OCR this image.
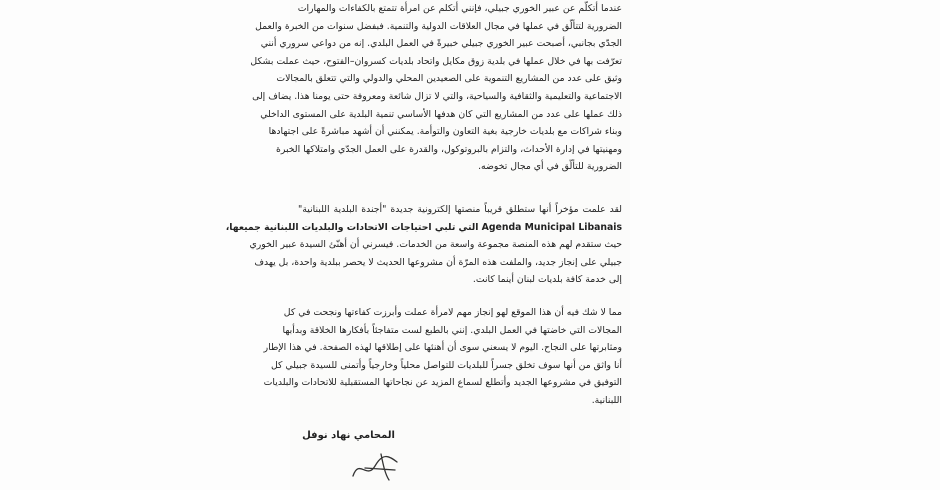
عندما أتكلّم عن عبير الخوري جبيلي، فإنني أتكلم عن امرأة تتمتع بالكفاءات والمهارات
الضرورية لتتألّق في عملها في مجال العلاقات الدولية والتنمية. فبفضل سنوات من الخبرة والعمل
الجدّي بجانبي، أصبحت عبير الخوري جبيلي خبيرةً في العمل البلدي. إنه من دواعي سروري أنني
تعرّفت بها في خلال عملها في بلدية زوق مكايل واتحاد بلديات كسروان–الفتوح، حيث عملت بشكل
وثيق على عدد من المشاريع التنموية على الصعيدين المحلي والدولي والتي تتعلق بالمجالات
الاجتماعية والتعليمية والثقافية والسياحية، والتي لا تزال شائعة ومعروفة حتى يومنا هذا. يضاف إلى
ذلك عملها على عدد من المشاريع التي كان هدفها الأساسي تنمية البلدية على المستوى الداخلي
وبناء شراكات مع بلديات خارجية بغية التعاون والتوأمة. يمكنني أن أشهد مباشرةً على اجتهادها
ومهنيتها في إدارة الأحداث، والتزام بالبروتوكول، والقدرة على العمل الجدّي وامتلاكها الخبرة
الضرورية للتألّق في أي مجال تخوضه.
لقد علمت مؤخراً أنها ستطلق قريباً منصتها إلكترونية جديدة "أجندة البلدية اللبنانية"
Agenda Municipal Libanais التي تلبي احتياجات الاتحادات والبلديات اللبنانية جميعها،
حيث ستقدم لهم هذه المنصة مجموعة واسعة من الخدمات. فيسرني أن أهنّئ السيدة عبير الخوري
جبيلي على إنجاز جديد، والملفت هذه المرّة أن مشروعها الحديث لا يحصر ببلدية واحدة، بل يهدف
إلى خدمة كافة بلديات لبنان أينما كانت.
مما لا شك فيه أن هذا الموقع لهو إنجاز مهم لامرأة عملت وأبرزت كفاءتها ونجحت في كل
المجالات التي خاضتها في العمل البلدي. إنني بالطبع لست متفاجئاً بأفكارها الخلاقة وبدأبها
ومثابرتها على النجاح. اليوم لا يسعني سوى أن أهنئها على إطلاقها لهذه الصفحة. في هذا الإطار
أنا واثق من أنها سوف تخلق جسراً للبلديات للتواصل محلياً وخارجياً وأتمنى للسيدة جبيلي كل
التوفيق في مشروعها الجديد وأتطلع لسماع المزيد عن نجاحاتها المستقبلية للاتحادات والبلديات
اللبنانية.

المحامي نهاد نوفل
